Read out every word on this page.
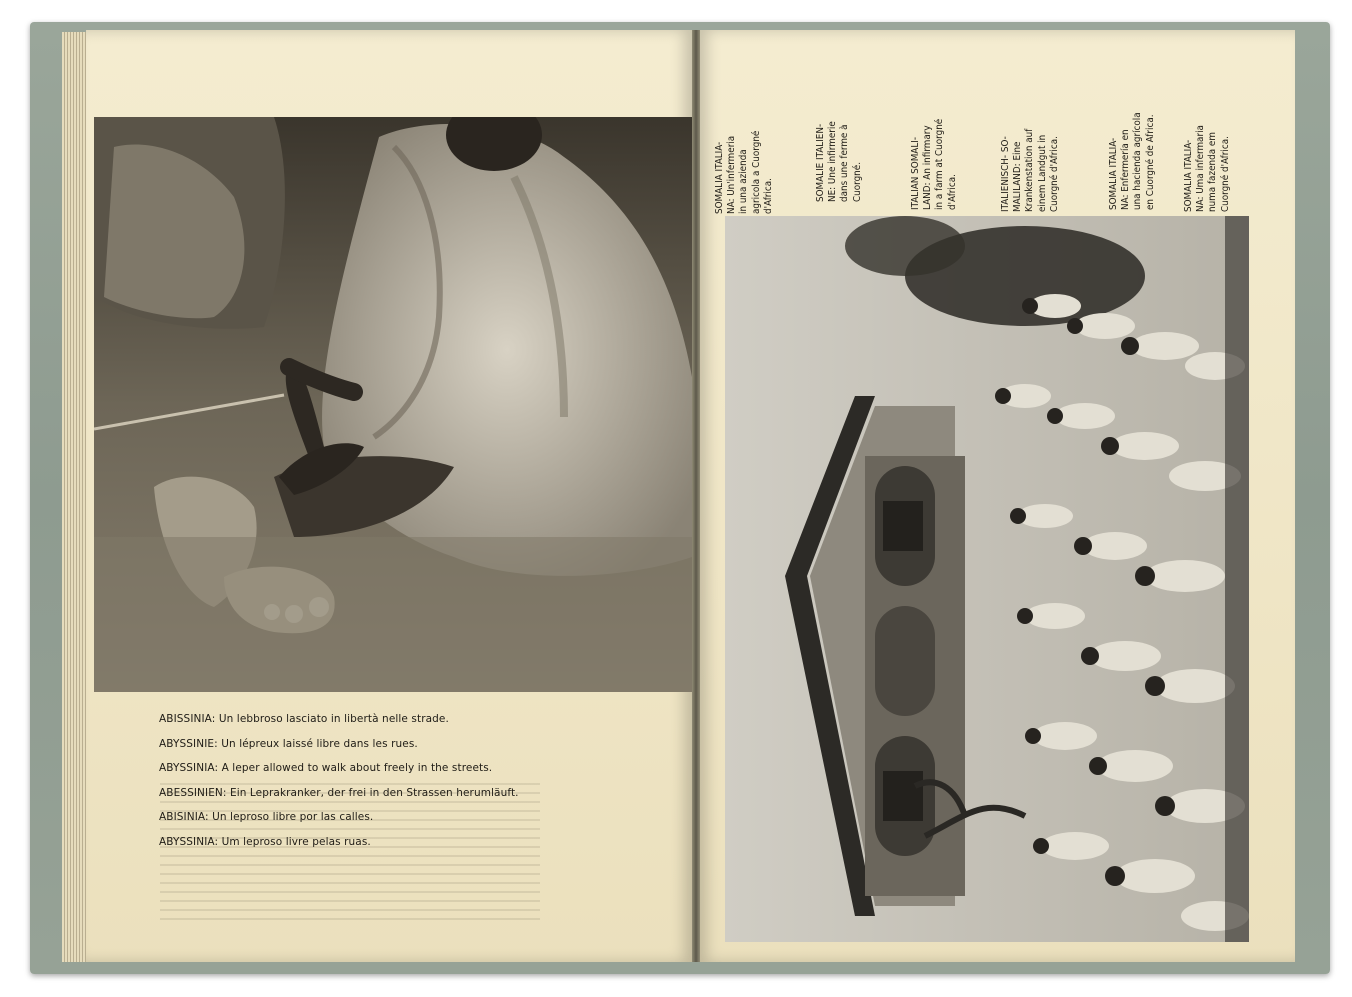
ABISSINIA: Un lebbroso lasciato in libertà nelle strade.
ABYSSINIE: Un lépreux laissé libre dans les rues.
ABYSSINIA: A leper allowed to walk about freely in the streets.
ABESSINIEN: Ein Leprakranker, der frei in den Strassen herumläuft.
ABISINIA: Un leproso libre por las calles.
ABYSSINIA: Um leproso livre pelas ruas.
SOMALIA ITALIA- NA: Un'infermeria in una azienda agricola a Cuorgné d'Africa.	SOMALIE ITALIEN- NE: Une infirmerie dans une ferme à Cuorgné.	ITALIAN SOMALI- LAND: An infirmary in a farm at Cuorgné d'Africa.	ITALIENISCH- SO- MALILAND: Eine Krankenstation auf einem Landgut in Cuorgné d'Africa.	SOMALIA ITALIA- NA: Enfermería en una hacienda agrícola en Cuorgné de Africa.	SOMALIA ITALIA- NA: Uma infermaria numa fazenda em Cuorgné d'Africa.
